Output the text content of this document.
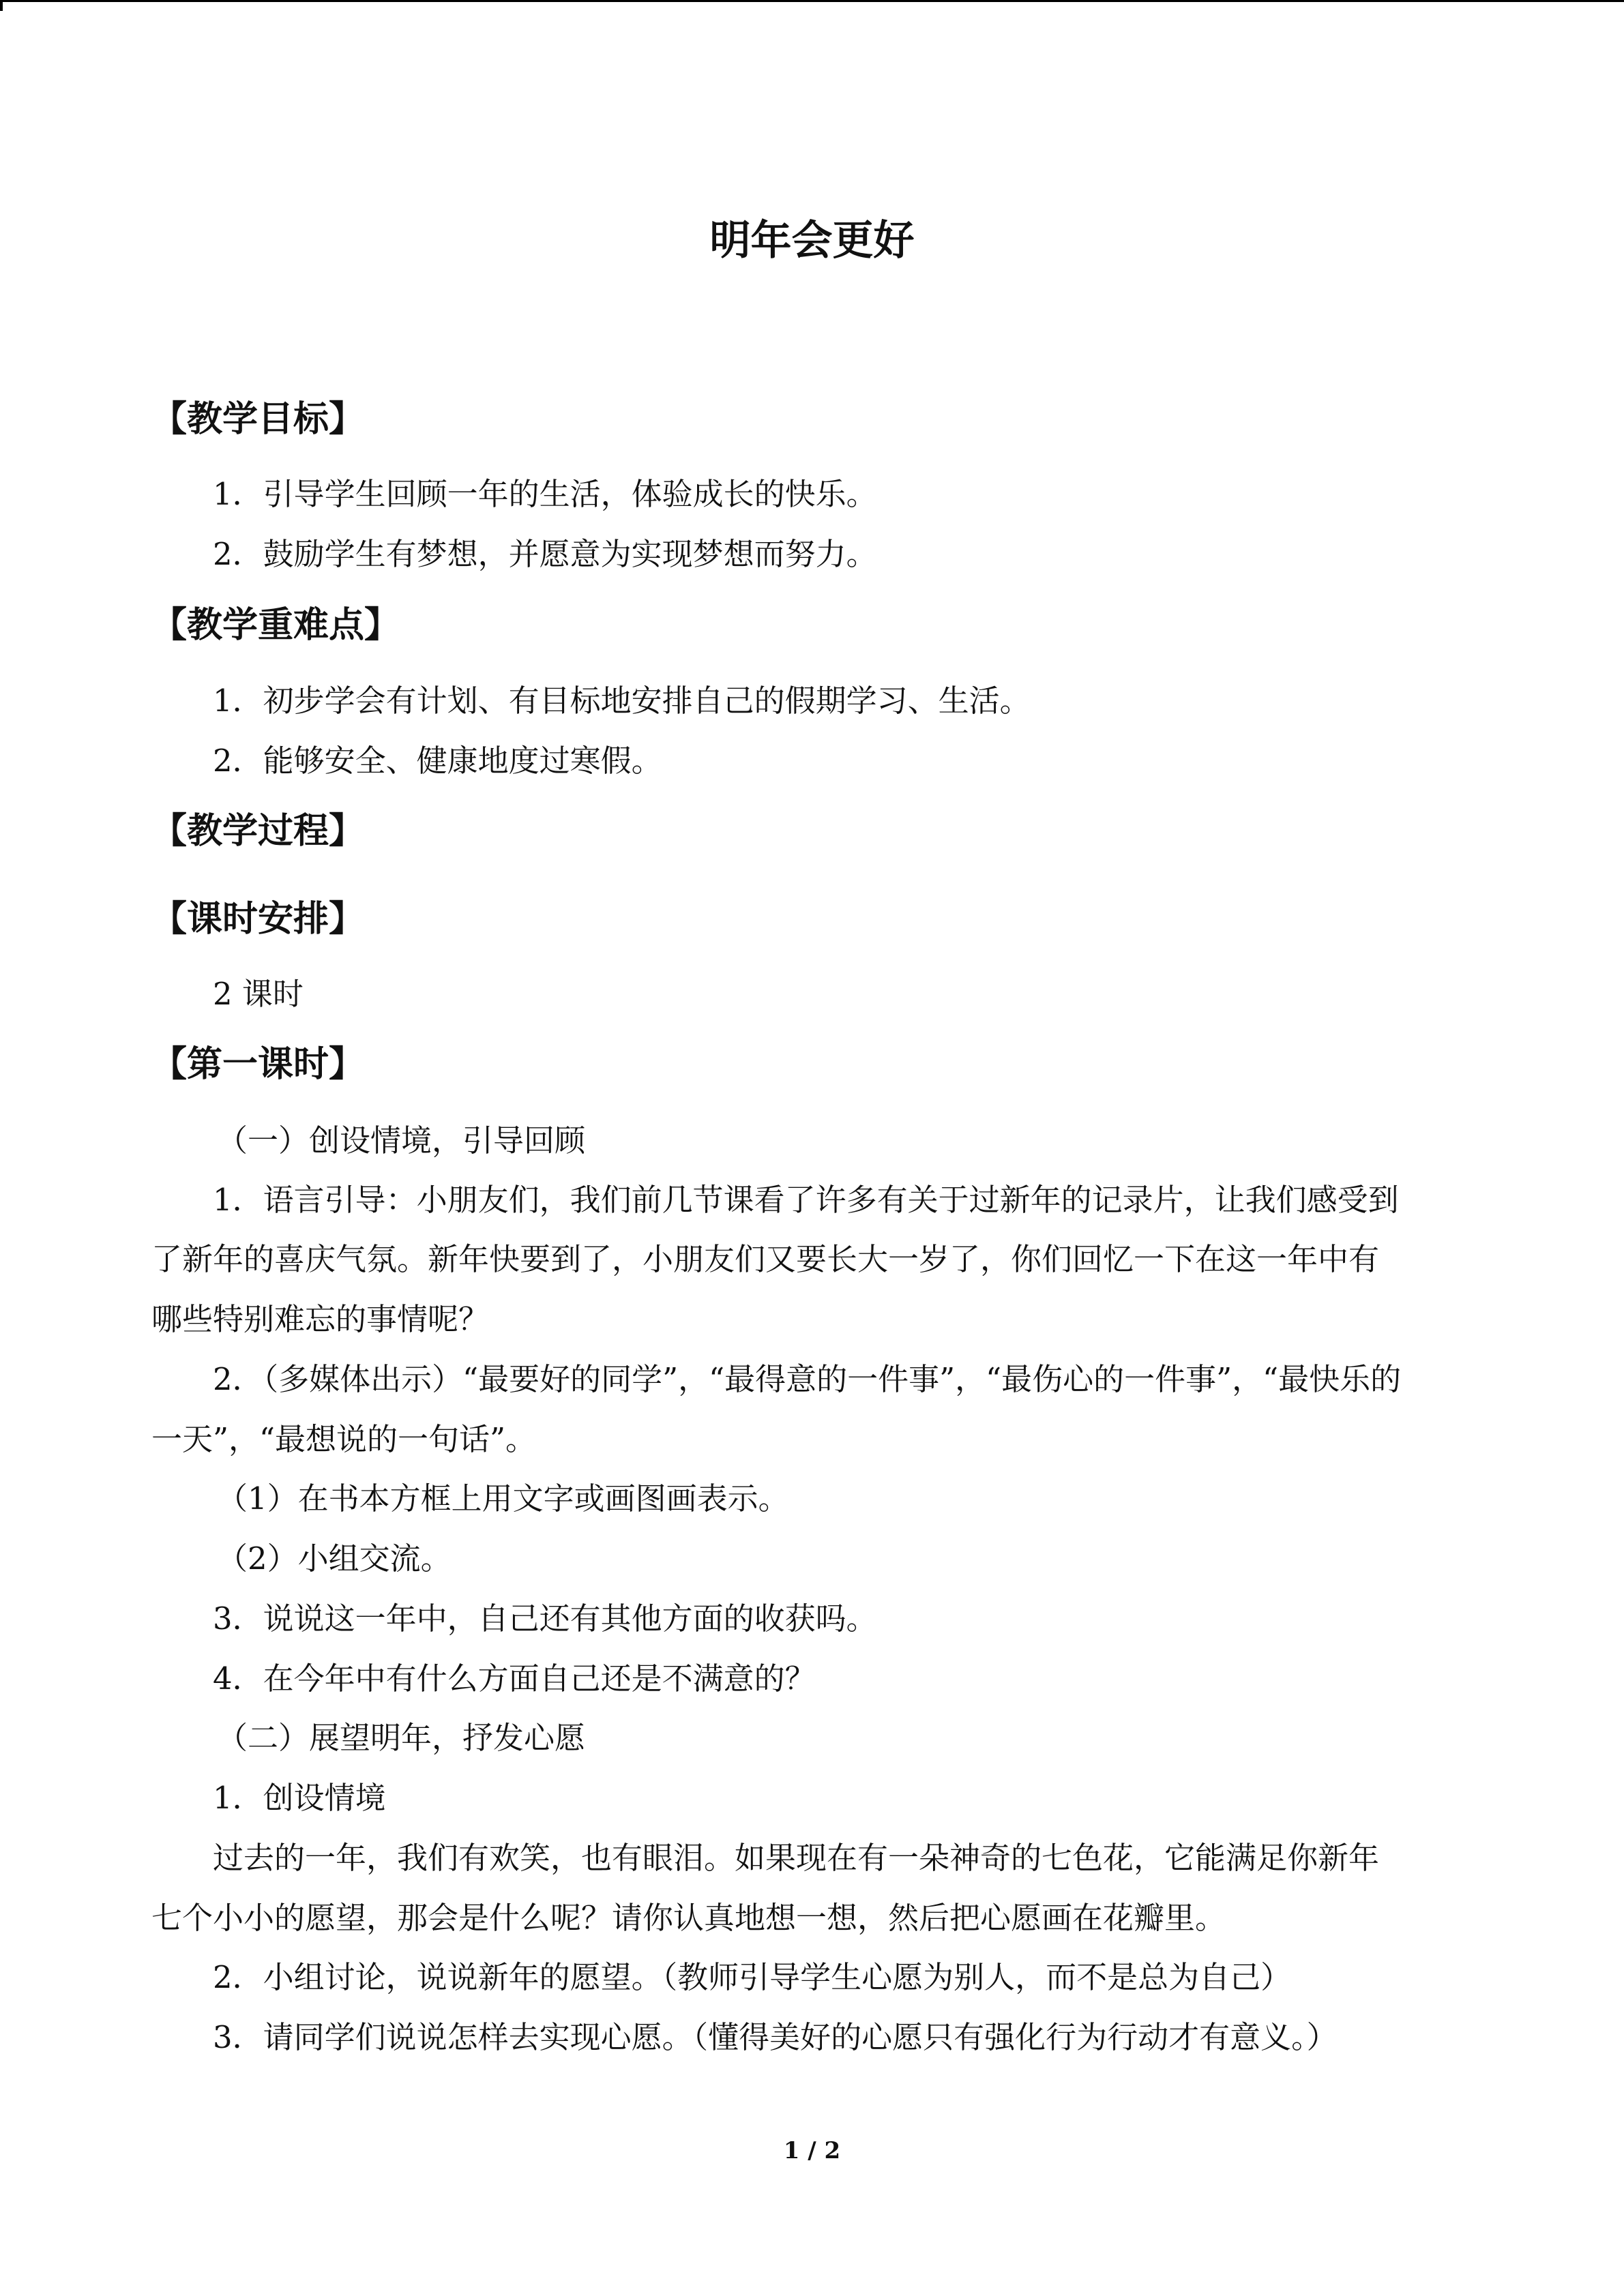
明年会更好
【教学目标】
1．引导学生回顾一年的生活，体验成长的快乐。
2．鼓励学生有梦想，并愿意为实现梦想而努力。
【教学重难点】
1．初步学会有计划、有目标地安排自己的假期学习、生活。
2．能够安全、健康地度过寒假。
【教学过程】
【课时安排】
2 课时
【第一课时】
（一）创设情境，引导回顾
1．语言引导：小朋友们，我们前几节课看了许多有关于过新年的记录片，让我们感受到
了新年的喜庆气氛。新年快要到了，小朋友们又要长大一岁了，你们回忆一下在这一年中有
哪些特别难忘的事情呢？
2．（多媒体出示）“最要好的同学”，“最得意的一件事”，“最伤心的一件事”，“最快乐的
一天”，“最想说的一句话”。
（1）在书本方框上用文字或画图画表示。
（2）小组交流。
3．说说这一年中，自己还有其他方面的收获吗。
4．在今年中有什么方面自己还是不满意的？
（二）展望明年，抒发心愿
1．创设情境
过去的一年，我们有欢笑，也有眼泪。如果现在有一朵神奇的七色花，它能满足你新年
七个小小的愿望，那会是什么呢？请你认真地想一想，然后把心愿画在花瓣里。
2．小组讨论，说说新年的愿望。（教师引导学生心愿为别人，而不是总为自己）
3．请同学们说说怎样去实现心愿。（懂得美好的心愿只有强化行为行动才有意义。）
1 / 2
